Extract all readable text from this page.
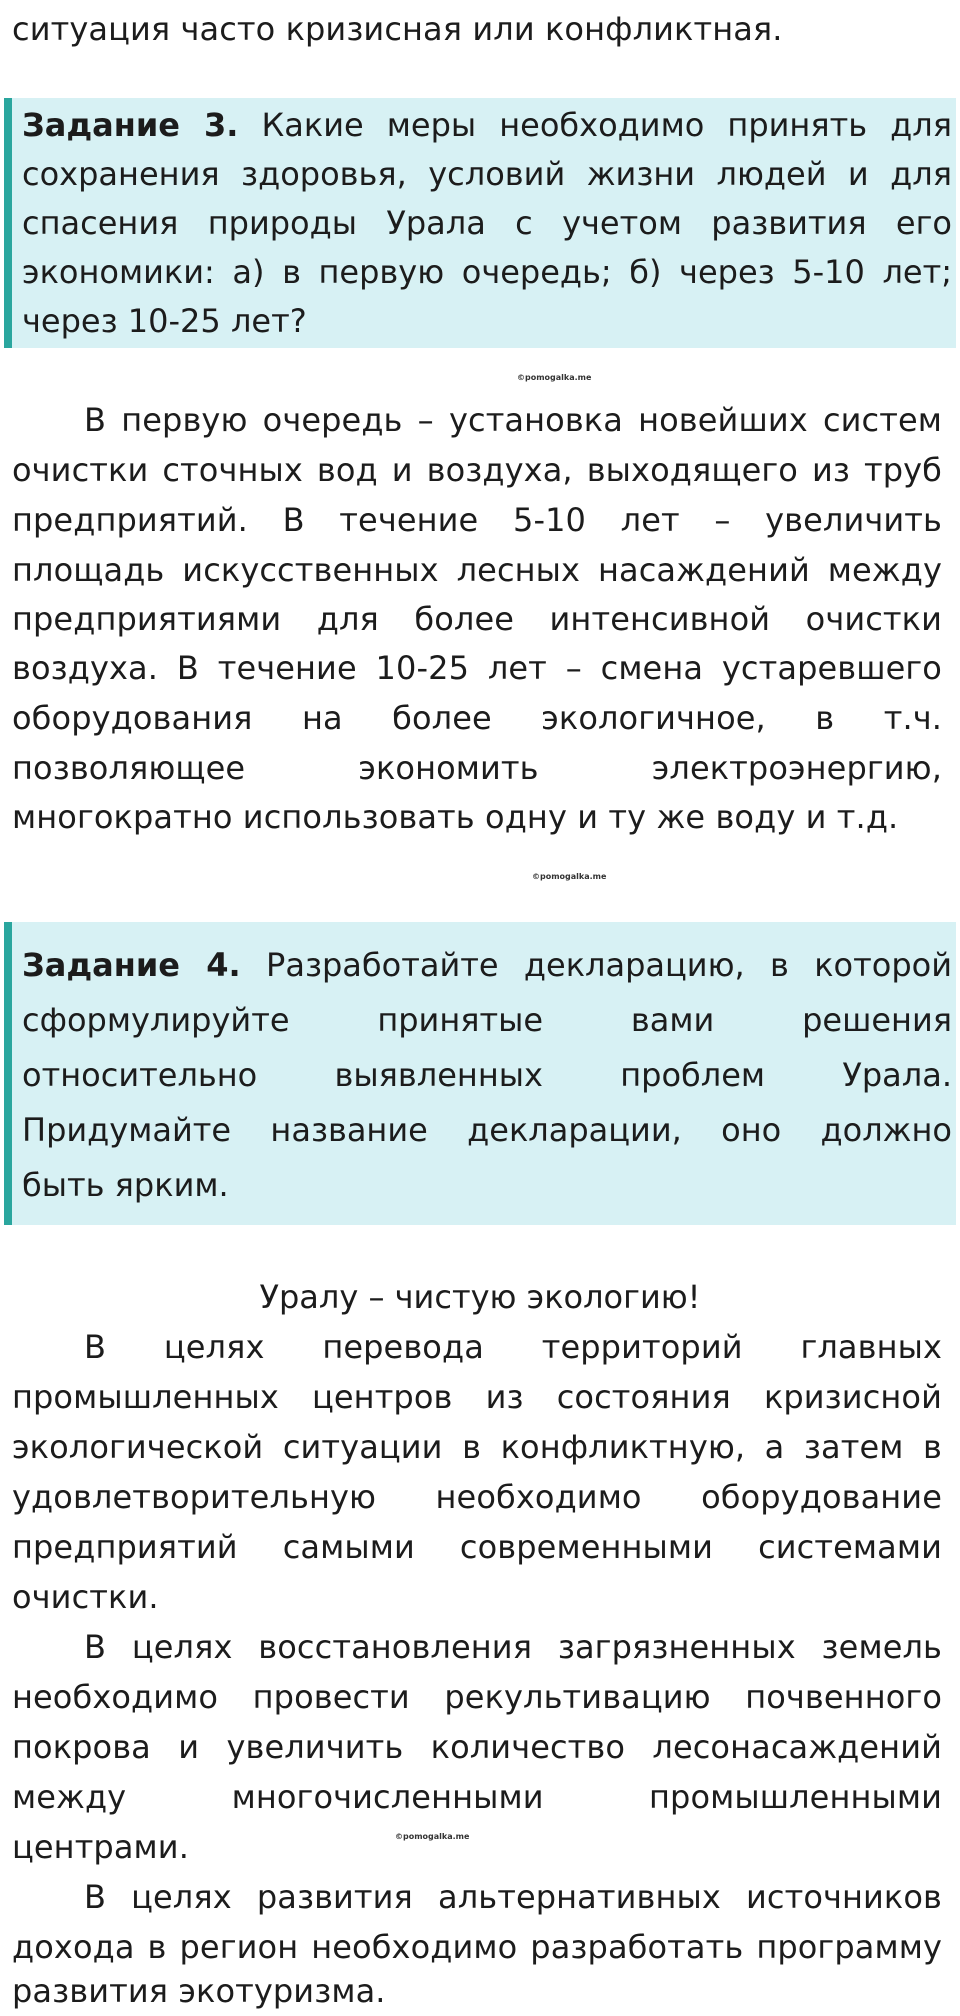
ситуация часто кризисная или конфликтная.
Задание 3. Какие меры необходимо принять для
сохранения здоровья, условий жизни людей и для
спасения природы Урала с учетом развития его
экономики: а) в первую очередь; б) через 5-10 лет;
через 10-25 лет?
©pomogalka.me
В первую очередь – установка новейших систем
очистки сточных вод и воздуха, выходящего из труб
предприятий. В течение 5-10 лет – увеличить
площадь искусственных лесных насаждений между
предприятиями для более интенсивной очистки
воздуха. В течение 10-25 лет – смена устаревшего
оборудования на более экологичное, в т.ч.
позволяющее экономить электроэнергию,
многократно использовать одну и ту же воду и т.д.
©pomogalka.me
Задание 4. Разработайте декларацию, в которой
сформулируйте принятые вами решения
относительно выявленных проблем Урала.
Придумайте название декларации, оно должно
быть ярким.
Уралу – чистую экологию!
В целях перевода территорий главных
промышленных центров из состояния кризисной
экологической ситуации в конфликтную, а затем в
удовлетворительную необходимо оборудование
предприятий самыми современными системами
очистки.
В целях восстановления загрязненных земель
необходимо провести рекультивацию почвенного
покрова и увеличить количество лесонасаждений
между многочисленными промышленными
центрами.	©pomogalka.me
В целях развития альтернативных источников
дохода в регион необходимо разработать программу
развития экотуризма.
